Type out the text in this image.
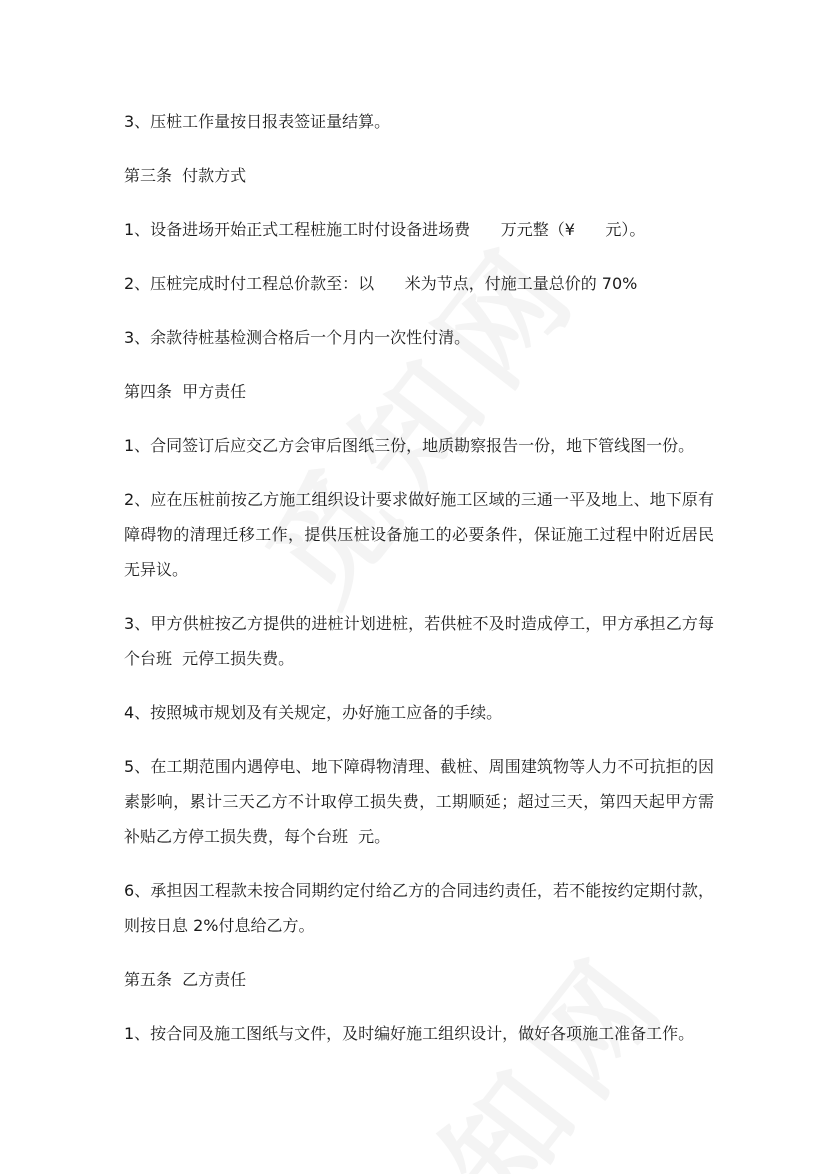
3、压桩工作量按日报表签证量结算。

第三条  付款方式

1、设备进场开始正式工程桩施工时付设备进场费      万元整（¥      元）。

2、压桩完成时付工程总价款至：以      米为节点，付施工量总价的 70%

3、余款待桩基检测合格后一个月内一次性付清。

第四条  甲方责任

1、合同签订后应交乙方会审后图纸三份，地质勘察报告一份，地下管线图一份。

2、应在压桩前按乙方施工组织设计要求做好施工区域的三通一平及地上、地下原有障碍物的清理迁移工作，提供压桩设备施工的必要条件，保证施工过程中附近居民无异议。

3、甲方供桩按乙方提供的进桩计划进桩，若供桩不及时造成停工，甲方承担乙方每个台班  元停工损失费。

4、按照城市规划及有关规定，办好施工应备的手续。

5、在工期范围内遇停电、地下障碍物清理、截桩、周围建筑物等人力不可抗拒的因素影响，累计三天乙方不计取停工损失费，工期顺延；超过三天，第四天起甲方需补贴乙方停工损失费，每个台班  元。

6、承担因工程款未按合同期约定付给乙方的合同违约责任，若不能按约定期付款，则按日息 2%付息给乙方。

第五条  乙方责任

1、按合同及施工图纸与文件，及时编好施工组织设计，做好各项施工准备工作。
